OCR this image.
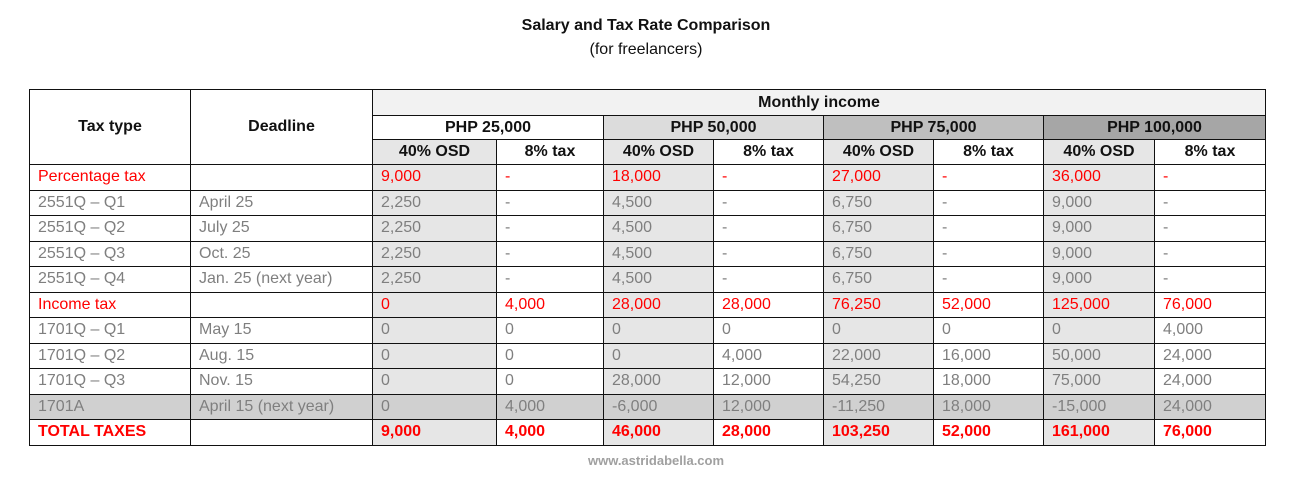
Salary and Tax Rate Comparison
(for freelancers)
Tax type	Deadline	Monthly income							
		PHP 25,000		PHP 50,000		PHP 75,000		PHP 100,000	
		40% OSD	8% tax	40% OSD	8% tax	40% OSD	8% tax	40% OSD	8% tax
Percentage tax		9,000	-	18,000	-	27,000	-	36,000	-
2551Q – Q1	April 25	2,250	-	4,500	-	6,750	-	9,000	-
2551Q – Q2	July 25	2,250	-	4,500	-	6,750	-	9,000	-
2551Q – Q3	Oct. 25	2,250	-	4,500	-	6,750	-	9,000	-
2551Q – Q4	Jan. 25 (next year)	2,250	-	4,500	-	6,750	-	9,000	-
Income tax		0	4,000	28,000	28,000	76,250	52,000	125,000	76,000
1701Q – Q1	May 15	0	0	0	0	0	0	0	4,000
1701Q – Q2	Aug. 15	0	0	0	4,000	22,000	16,000	50,000	24,000
1701Q – Q3	Nov. 15	0	0	28,000	12,000	54,250	18,000	75,000	24,000
1701A	April 15 (next year)	0	4,000	-6,000	12,000	-11,250	18,000	-15,000	24,000
TOTAL TAXES		9,000	4,000	46,000	28,000	103,250	52,000	161,000	76,000
www.astridabella.com
